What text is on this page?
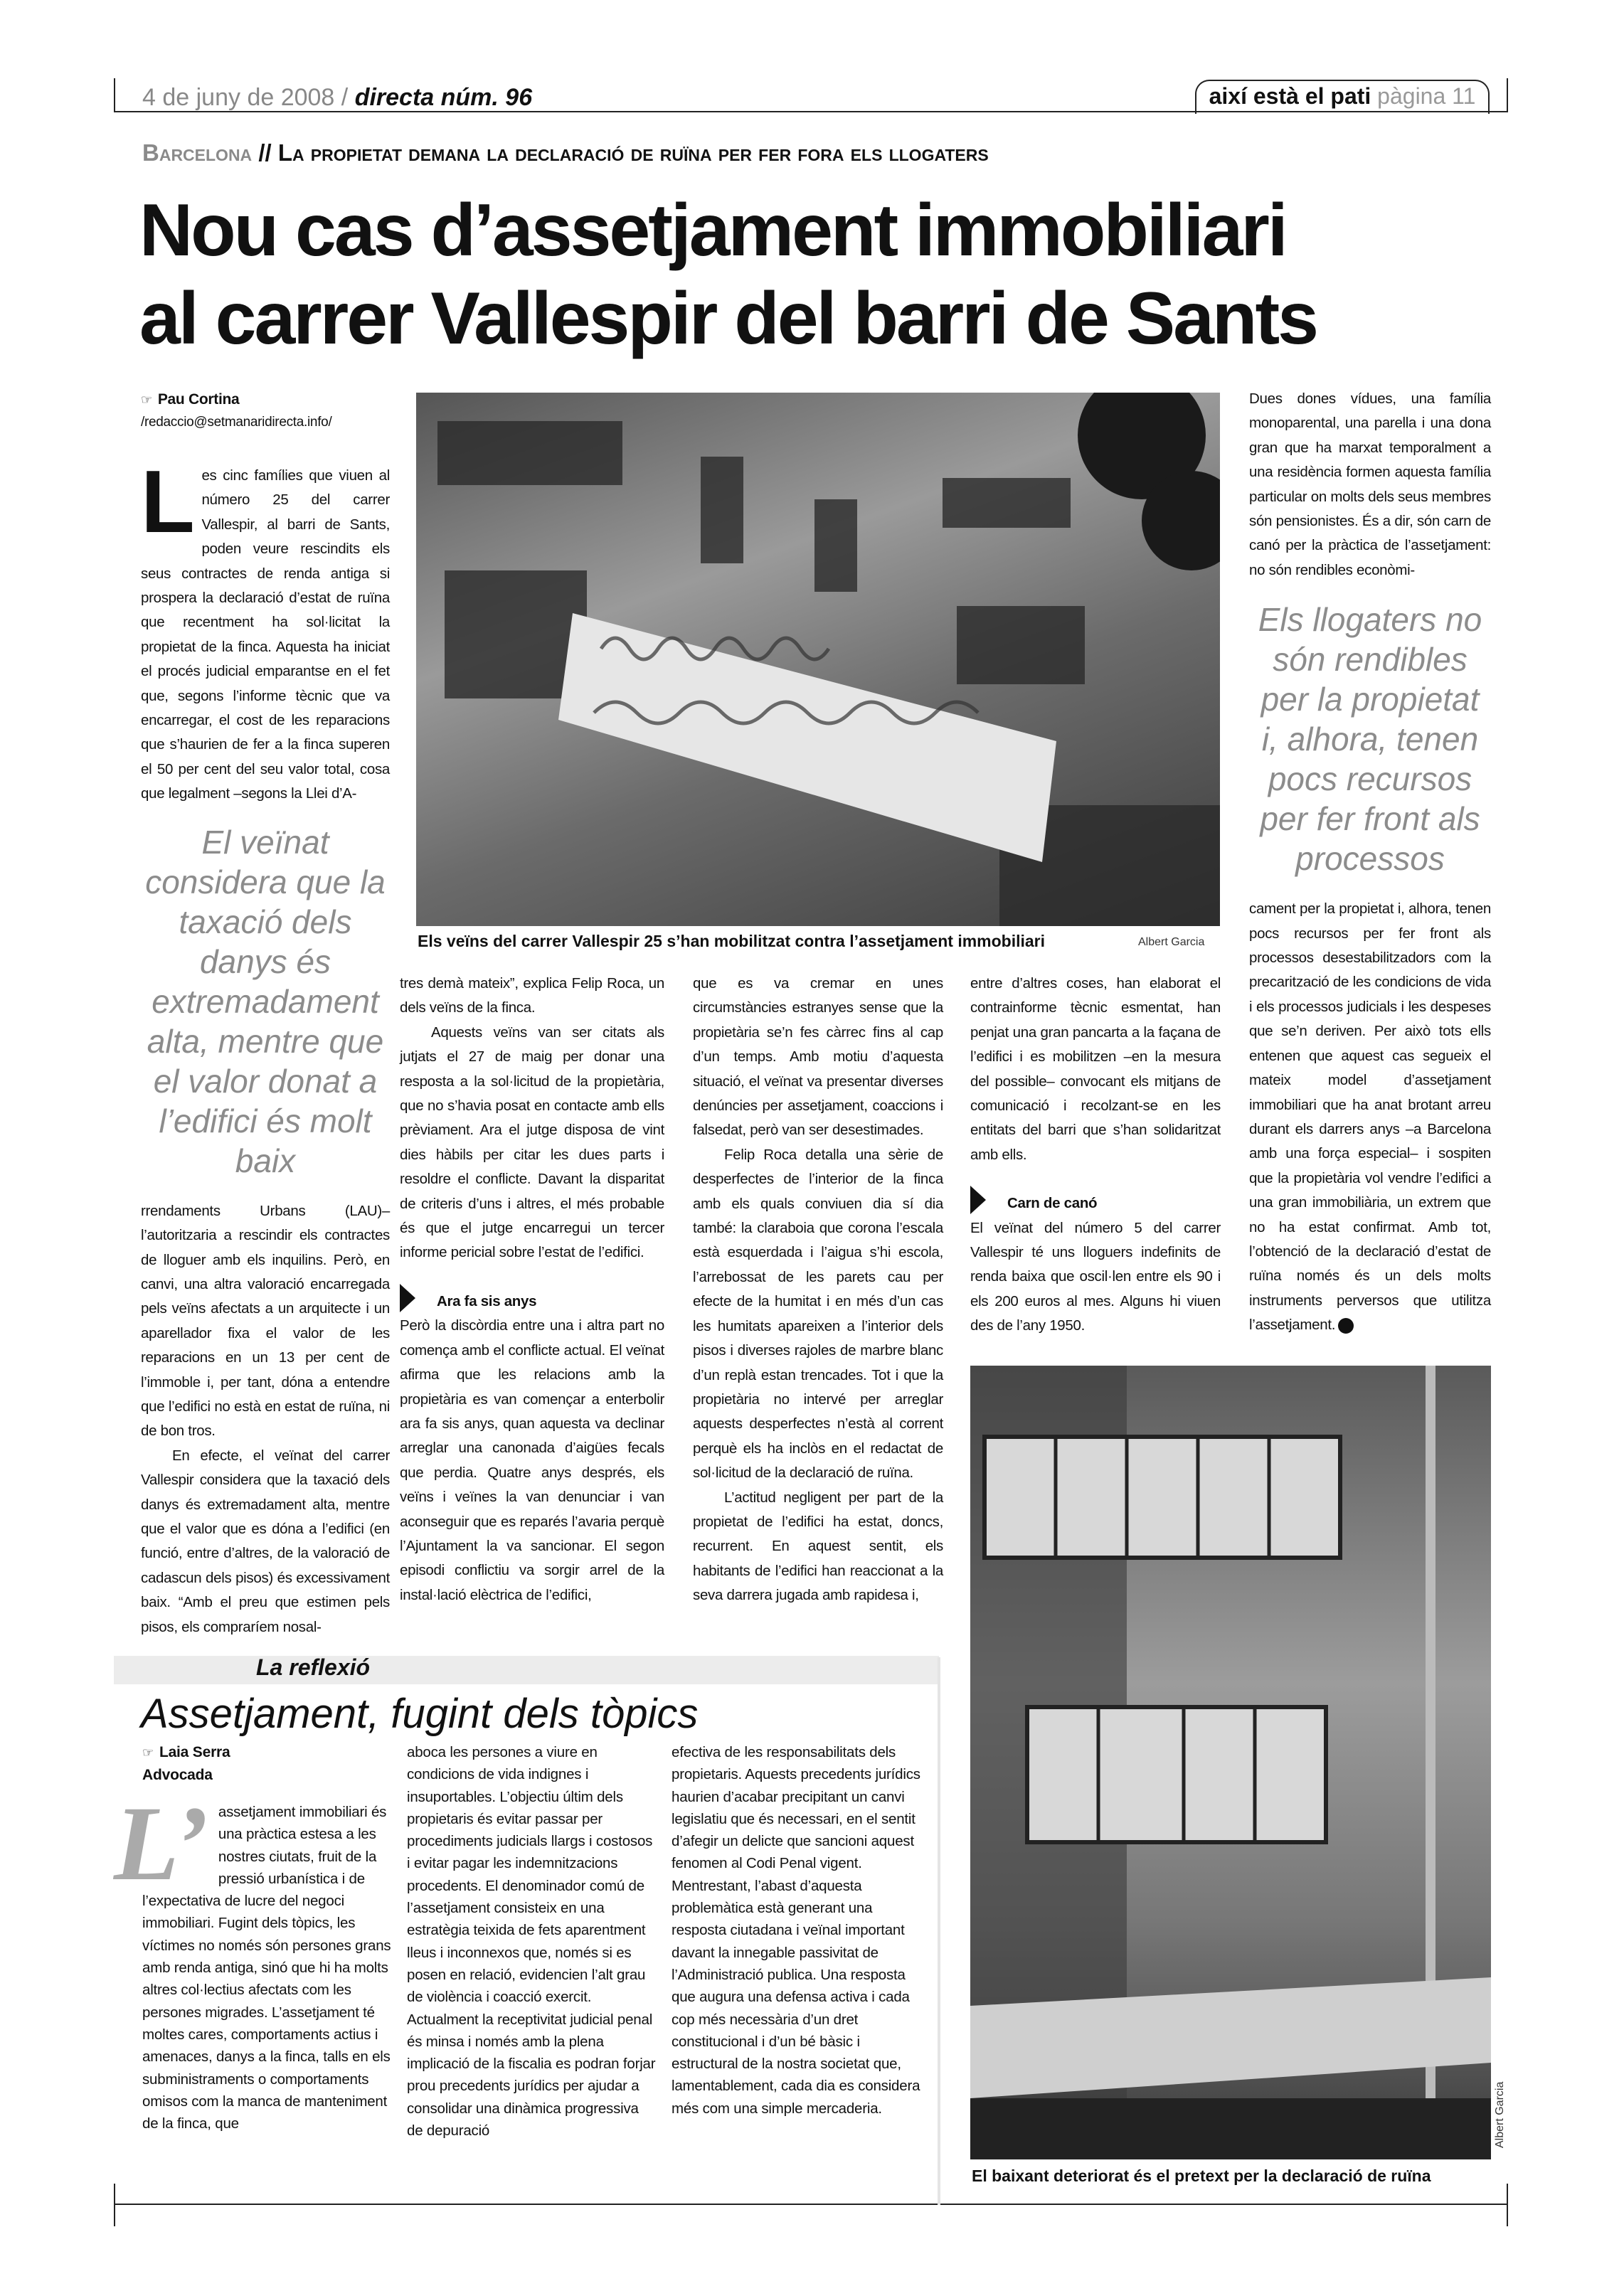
4 de juny de 2008 / directa núm. 96	així està el pati pàgina 11
Barcelona // La propietat demana la declaració de ruïna per fer fora els llogaters
Nou cas d’assetjament immobiliari
al carrer Vallespir del barri de Sants
☞ Pau Cortina
/redaccio@setmanaridirecta.info/

Les cinc famílies que viuen al número 25 del carrer Vallespir, al barri de Sants, poden veure rescindits els seus contractes de renda antiga si prospera la declaració d’estat de ruïna que recentment ha sol·licitat la propietat de la finca. Aquesta ha iniciat el procés judicial emparantse en el fet que, segons l’informe tècnic que va encarregar, el cost de les reparacions que s’haurien de fer a la finca superen el 50 per cent del seu valor total, cosa que legalment –segons la Llei d’A-

El veïnat considera que la taxació dels danys és extremadament alta, mentre que el valor donat a l’edifici és molt baix

rrendaments Urbans (LAU)– l’autoritzaria a rescindir els contractes de lloguer amb els inquilins. Però, en canvi, una altra valoració encarregada pels veïns afectats a un arquitecte i un aparellador fixa el valor de les reparacions en un 13 per cent de l’immoble i, per tant, dóna a entendre que l’edifici no està en estat de ruïna, ni de bon tros.

En efecte, el veïnat del carrer Vallespir considera que la taxació dels danys és extremadament alta, mentre que el valor que es dóna a l’edifici (en funció, entre d’altres, de la valoració de cadascun dels pisos) és excessivament baix. “Amb el preu que estimen pels pisos, els compraríem nosal-

Els veïns del carrer Vallespir 25 s’han mobilitzat contra l’assetjament immobiliari	Albert Garcia

tres demà mateix”, explica Felip Roca, un dels veïns de la finca.

Aquests veïns van ser citats als jutjats el 27 de maig per donar una resposta a la sol·licitud de la propietària, que no s’havia posat en contacte amb ells prèviament. Ara el jutge disposa de vint dies hàbils per citar les dues parts i resoldre el conflicte. Davant la disparitat de criteris d’uns i altres, el més probable és que el jutge encarregui un tercer informe pericial sobre l’estat de l’edifici.

Ara fa sis anys

Però la discòrdia entre una i altra part no comença amb el conflicte actual. El veïnat afirma que les relacions amb la propietària es van començar a enterbolir ara fa sis anys, quan aquesta va declinar arreglar una canonada d’aigües fecals que perdia. Quatre anys després, els veïns i veïnes la van denunciar i van aconseguir que es reparés l’avaria perquè l’Ajuntament la va sancionar. El segon episodi conflictiu va sorgir arrel de la instal·lació elèctrica de l’edifici,

que es va cremar en unes circumstàncies estranyes sense que la propietària se’n fes càrrec fins al cap d’un temps. Amb motiu d’aquesta situació, el veïnat va presentar diverses denúncies per assetjament, coaccions i falsedat, però van ser desestimades.

Felip Roca detalla una sèrie de desperfectes de l’interior de la finca amb els quals conviuen dia sí dia també: la claraboia que corona l’escala està esquerdada i l’aigua s’hi escola, l’arrebossat de les parets cau per efecte de la humitat i en més d’un cas les humitats apareixen a l’interior dels pisos i diverses rajoles de marbre blanc d’un replà estan trencades. Tot i que la propietària no intervé per arreglar aquests desperfectes n’està al corrent perquè els ha inclòs en el redactat de sol·licitud de la declaració de ruïna.

L’actitud negligent per part de la propietat de l’edifici ha estat, doncs, recurrent. En aquest sentit, els habitants de l’edifici han reaccionat a la seva darrera jugada amb rapidesa i,

entre d’altres coses, han elaborat el contrainforme tècnic esmentat, han penjat una gran pancarta a la façana de l’edifici i es mobilitzen –en la mesura del possible– convocant els mitjans de comunicació i recolzant-se en les entitats del barri que s’han solidaritzat amb ells.

Carn de canó

El veïnat del número 5 del carrer Vallespir té uns lloguers indefinits de renda baixa que oscil·len entre els 90 i els 200 euros al mes. Alguns hi viuen des de l’any 1950.

Dues dones vídues, una família monoparental, una parella i una dona gran que ha marxat temporalment a una residència formen aquesta família particular on molts dels seus membres són pensionistes. És a dir, són carn de canó per la pràctica de l’assetjament: no són rendibles econòmi-

Els llogaters no són rendibles per la propietat i, alhora, tenen pocs recursos per fer front als processos

cament per la propietat i, alhora, tenen pocs recursos per fer front als processos desestabilitzadors com la precarització de les condicions de vida i els processos judicials i les despeses que se’n deriven. Per això tots ells entenen que aquest cas segueix el mateix model d’assetjament immobiliari que ha anat brotant arreu durant els darrers anys –a Barcelona amb una força especial– i sospiten que la propietària vol vendre l’edifici a una gran immobiliària, un extrem que no ha estat confirmat. Amb tot, l’obtenció de la declaració d’estat de ruïna només és un dels molts instruments perversos que utilitza l’assetjament.

El baixant deteriorat és el pretext per la declaració de ruïna
Albert Garcia
La reflexió
Assetjament, fugint dels tòpics
☞ Laia Serra
Advocada

L’ assetjament immobiliari és una pràctica estesa a les nostres ciutats, fruit de la pressió urbanística i de l’expectativa de lucre del negoci immobiliari. Fugint dels tòpics, les víctimes no només són persones grans amb renda antiga, sinó que hi ha molts altres col·lectius afectats com les persones migrades. L’assetjament té moltes cares, comportaments actius i amenaces, danys a la finca, talls en els subministraments o comportaments omisos com la manca de manteniment de la finca, que

aboca les persones a viure en condicions de vida indignes i insuportables. L’objectiu últim dels propietaris és evitar passar per procediments judicials llargs i costosos i evitar pagar les indemnitzacions procedents. El denominador comú de l’assetjament consisteix en una estratègia teixida de fets aparentment lleus i inconnexos que, només si es posen en relació, evidencien l’alt grau de violència i coacció exercit. Actualment la receptivitat judicial penal és minsa i només amb la plena implicació de la fiscalia es podran forjar prou precedents jurídics per ajudar a consolidar una dinàmica progressiva de depuració

efectiva de les responsabilitats dels propietaris. Aquests precedents jurídics haurien d’acabar precipitant un canvi legislatiu que és necessari, en el sentit d’afegir un delicte que sancioni aquest fenomen al Codi Penal vigent. Mentrestant, l’abast d’aquesta problemàtica està generant una resposta ciutadana i veïnal important davant la innegable passivitat de l’Administració publica. Una resposta que augura una defensa activa i cada cop més necessària d’un dret constitucional i d’un bé bàsic i estructural de la nostra societat que, lamentablement, cada dia es considera més com una simple mercaderia.
